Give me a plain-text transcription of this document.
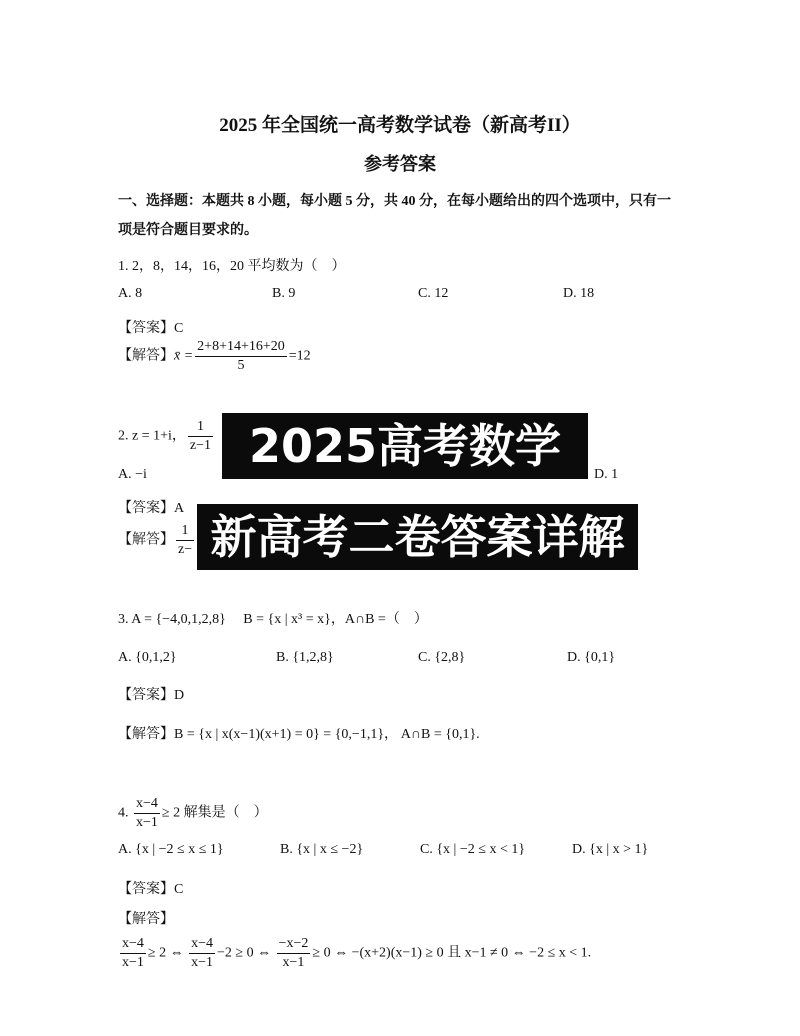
2025 年全国统一高考数学试卷（新高考II）
参考答案
一、选择题：本题共 8 小题，每小题 5 分，共 40 分，在每小题给出的四个选项中，只有一
项是符合题目要求的。
1. 2，8，14，16，20 平均数为（　）
A. 8	B. 9	C. 12	D. 18
【答案】C
【解答】x̄ = $\frac{2+8+14+16+20}{5} =12$
2. z = 1+i， $\frac{1}{z-1}$
A. −i	D. 1
【答案】A
【解答】 $\frac{1}{z-}$
2025高考数学
新高考二卷答案详解
3. A = {−4,0,1,2,8}　 B = {x | x³ = x}，A∩B =（　）
A. {0,1,2}	B. {1,2,8}	C. {2,8}	D. {0,1}
【答案】D
【解答】B = {x | x(x−1)(x+1) = 0} = {0,−1,1}， A∩B = {0,1}.
4. $\frac{x-4}{x-1} \ge 2$ 解集是（　）
A. {x | −2 ≤ x ≤ 1}	B. {x | x ≤ −2}	C. {x | −2 ≤ x < 1}	D. {x | x > 1}
【答案】C
【解答】
$\frac{x-4}{x-1} \ge 2$ ⇔ $\frac{x-4}{x-1} -2 \ge 0$ ⇔ $\frac{-x-2}{x-1} \ge 0$ ⇔ −(x+2)(x−1) ≥ 0 且 x−1 ≠ 0 ⇔ −2 ≤ x < 1.
